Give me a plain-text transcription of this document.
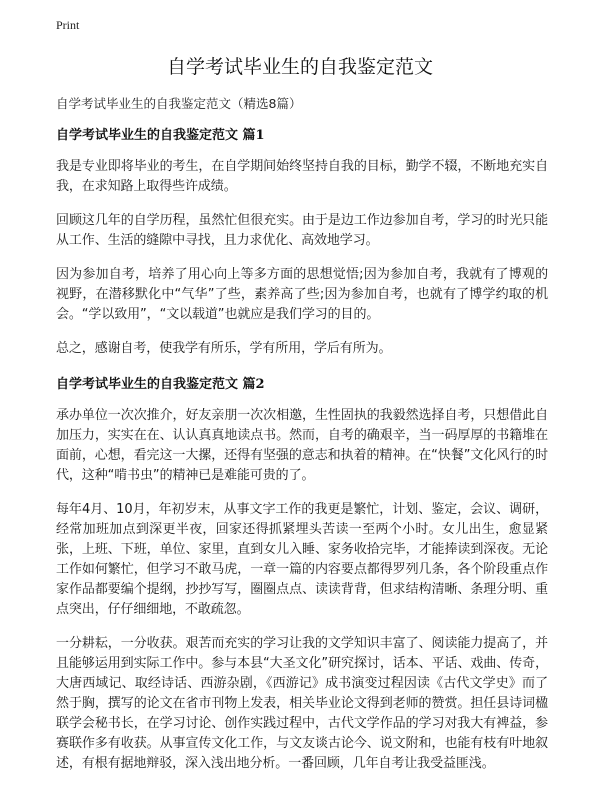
Print
自学考试毕业生的自我鉴定范文
自学考试毕业生的自我鉴定范文（精选8篇）
自学考试毕业生的自我鉴定范文 篇1

我是专业即将毕业的考生，在自学期间始终坚持自我的目标，勤学不辍，不断地充实自我，在求知路上取得些许成绩。

回顾这几年的自学历程，虽然忙但很充实。由于是边工作边参加自考，学习的时光只能从工作、生活的缝隙中寻找，且力求优化、高效地学习。

因为参加自考，培养了用心向上等多方面的思想觉悟;因为参加自考，我就有了博观的视野，在潜移默化中“气华”了些，素养高了些;因为参加自考，也就有了博学约取的机会。“学以致用”，“文以载道”也就应是我们学习的目的。

总之，感谢自考，使我学有所乐，学有所用，学后有所为。

自学考试毕业生的自我鉴定范文 篇2

承办单位一次次推介，好友亲朋一次次相邀，生性固执的我毅然选择自考，只想借此自加压力，实实在在、认认真真地读点书。然而，自考的确艰辛，当一码厚厚的书籍堆在面前，心想，看完这一大摞，还得有坚强的意志和执着的精神。在“快餐”文化风行的时代，这种“啃书虫”的精神已是难能可贵的了。

每年4月、10月，年初岁末，从事文字工作的我更是繁忙，计划、鉴定，会议、调研，经常加班加点到深更半夜，回家还得抓紧埋头苦读一至两个小时。女儿出生，愈显紧张，上班、下班，单位、家里，直到女儿入睡、家务收拾完毕，才能捧读到深夜。无论工作如何繁忙，但学习不敢马虎，一章一篇的内容要点都得罗列几条，各个阶段重点作家作品都要编个提纲，抄抄写写，圈圈点点、读读背背，但求结构清晰、条理分明、重点突出，仔仔细细地，不敢疏忽。

一分耕耘，一分收获。艰苦而充实的学习让我的文学知识丰富了、阅读能力提高了，并且能够运用到实际工作中。参与本县“大圣文化”研究探讨，话本、平话、戏曲、传奇，大唐西域记、取经诗话、西游杂剧，《西游记》成书演变过程因读《古代文学史》而了然于胸，撰写的论文在省市刊物上发表，相关毕业论文得到老师的赞赏。担任县诗词楹联学会秘书长，在学习讨论、创作实践过程中，古代文学作品的学习对我大有裨益，参赛联作多有收获。从事宣传文化工作，与文友谈古论今、说文附和，也能有枝有叶地叙述，有根有据地辩驳，深入浅出地分析。一番回顾，几年自考让我受益匪浅。
